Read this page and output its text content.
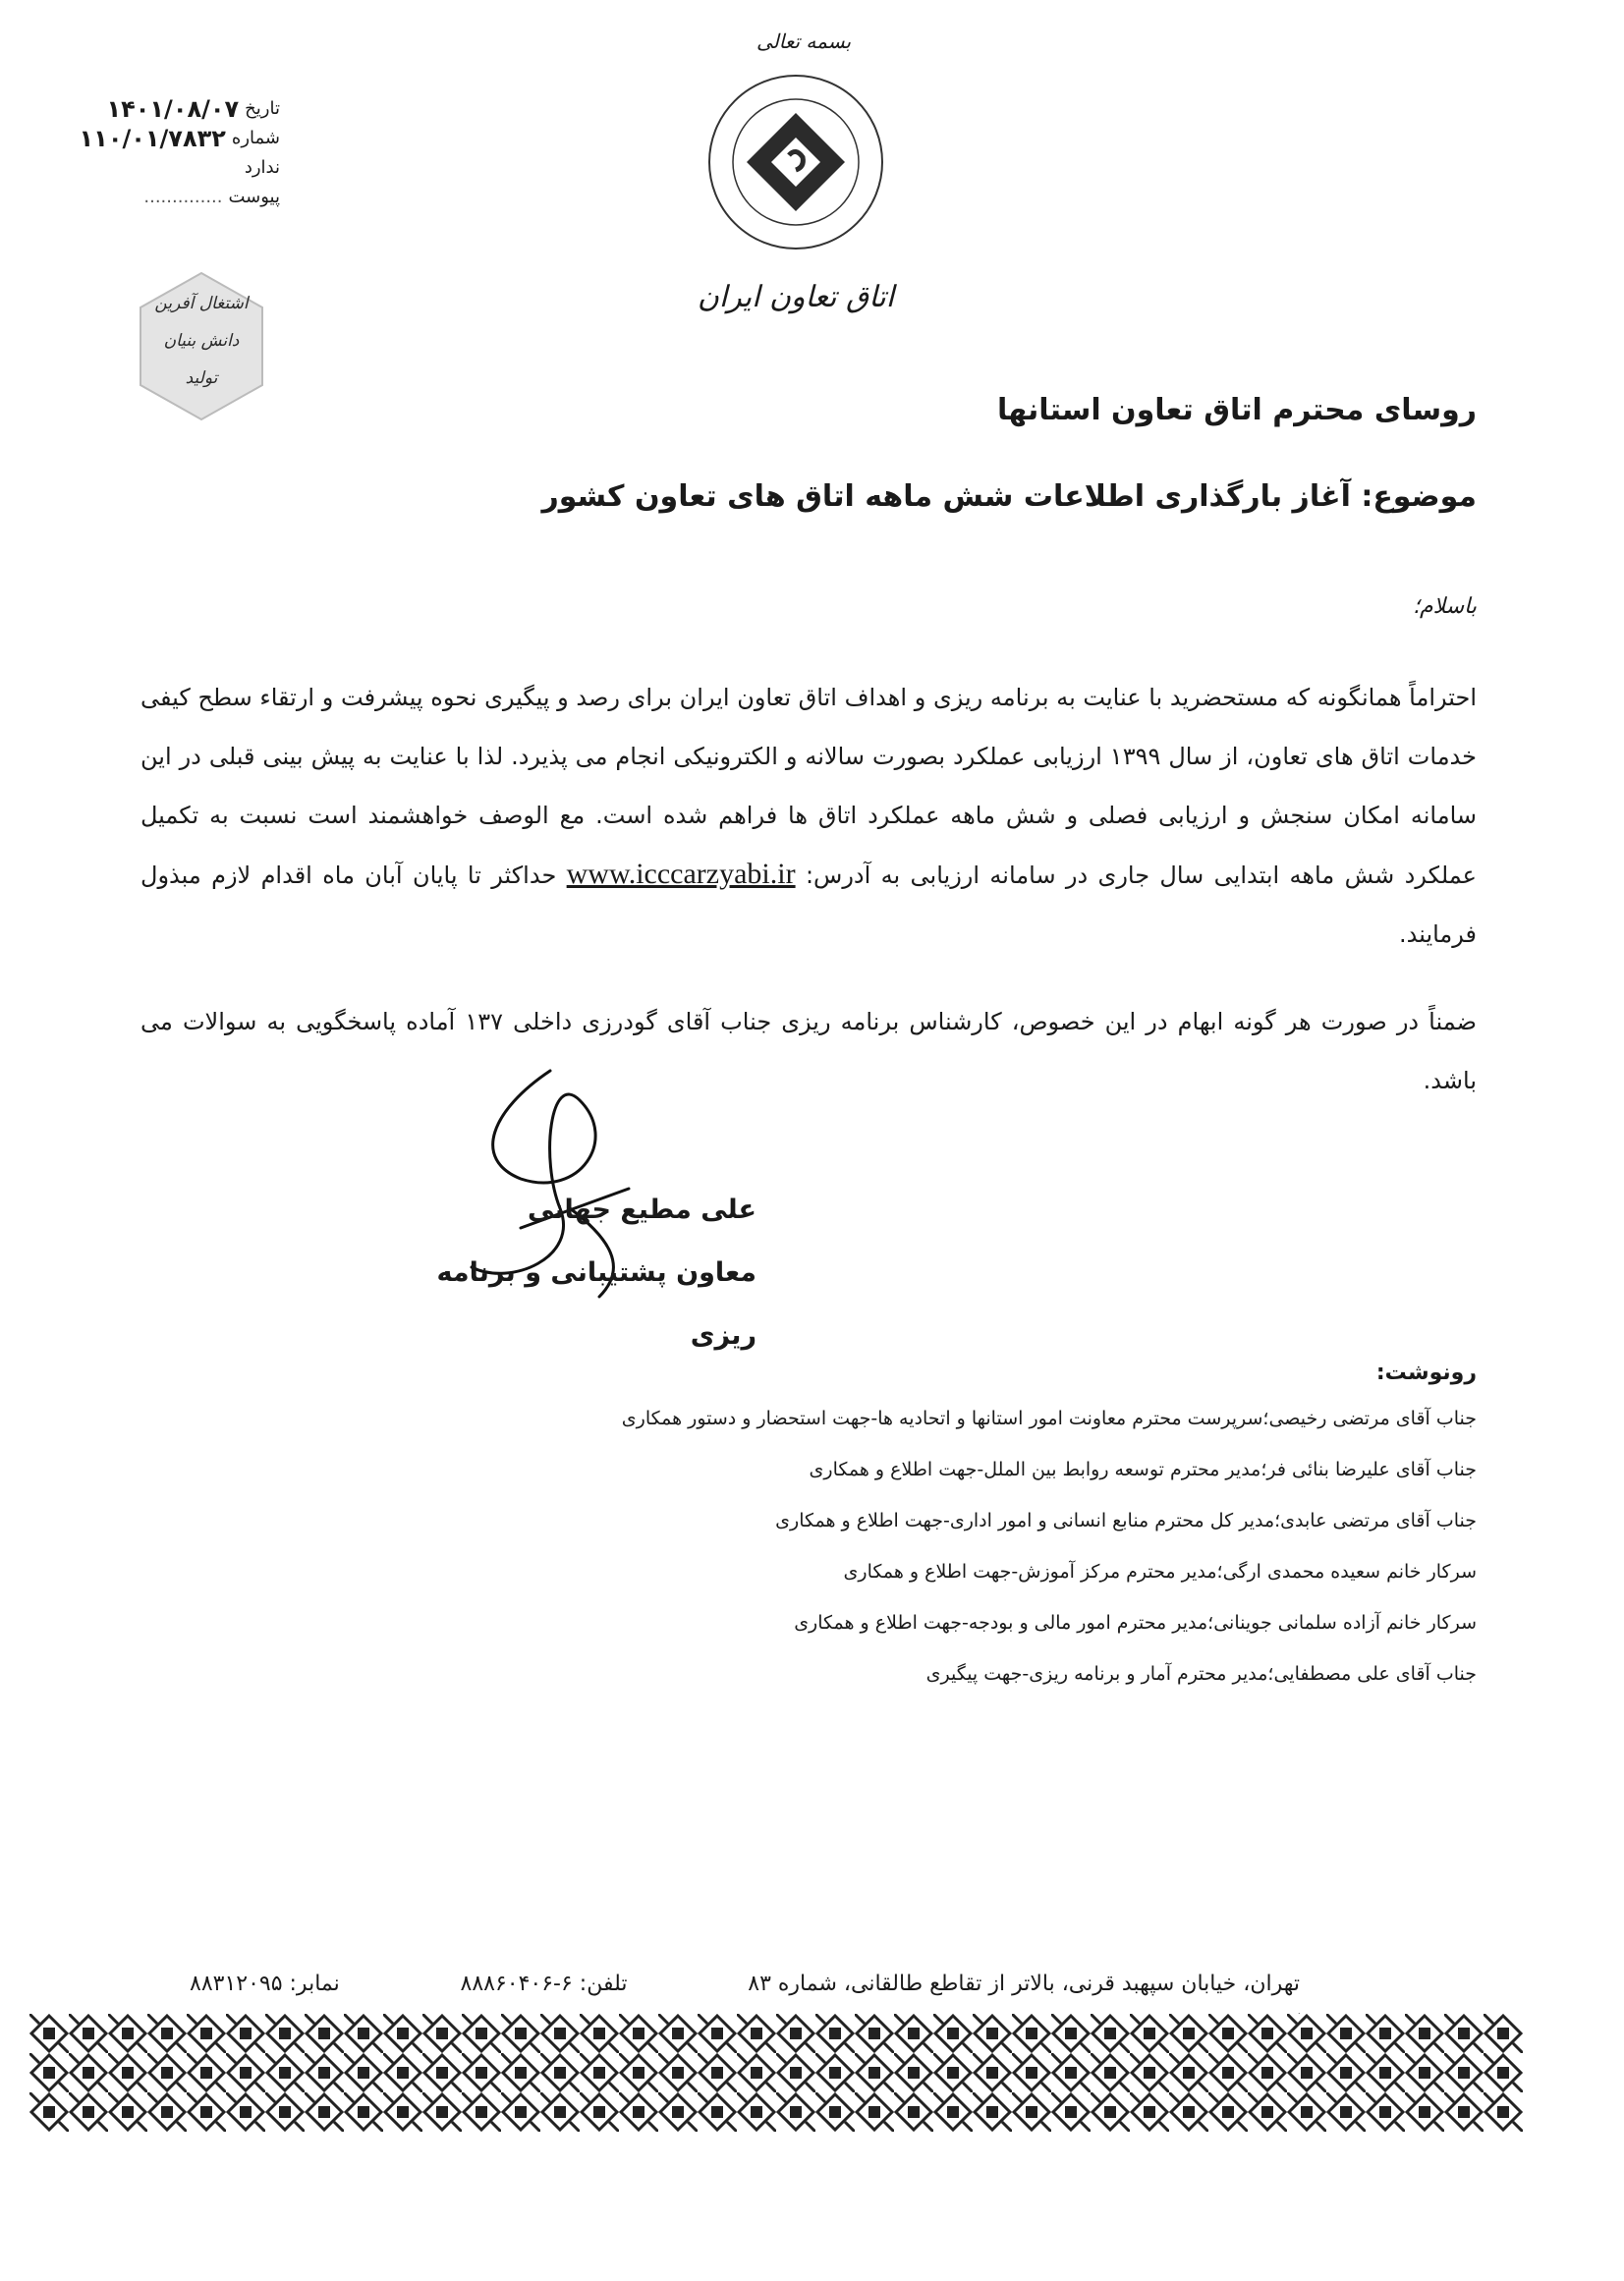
بسمه تعالی
اتاق تعاون ایران
تاریخ
۱۴۰۱/۰۸/۰۷
شماره
۱۱۰/۰۱/۷۸۳۲
ندارد
پیوست
..............
اشتغال آفرین
دانش بنیان
تولید
روسای محترم اتاق تعاون استانها
موضوع: آغاز بارگذاری اطلاعات شش ماهه اتاق های تعاون کشور
باسلام؛
احتراماً همانگونه که مستحضرید با عنایت به برنامه ریزی و اهداف اتاق تعاون ایران برای رصد و پیگیری نحوه پیشرفت و ارتقاء سطح کیفی خدمات اتاق های تعاون، از سال ۱۳۹۹ ارزیابی عملکرد بصورت سالانه و الکترونیکی انجام می پذیرد. لذا با عنایت به پیش بینی قبلی در این سامانه امکان سنجش و ارزیابی فصلی و شش ماهه عملکرد اتاق ها فراهم شده است. مع الوصف خواهشمند است نسبت به تکمیل عملکرد شش ماهه ابتدایی سال جاری در سامانه ارزیابی به آدرس: www.icccarzyabi.ir حداکثر تا پایان آبان ماه اقدام لازم مبذول فرمایند.
ضمناً در صورت هر گونه ابهام در این خصوص، کارشناس برنامه ریزی جناب آقای گودرزی داخلی ۱۳۷ آماده پاسخگویی به سوالات می باشد.
علی مطیع جهانی
معاون پشتیبانی و برنامه ریزی
رونوشت:
جناب آقای مرتضی رخیصی؛سرپرست محترم معاونت امور استانها و اتحادیه ها-جهت استحضار و دستور همکاری
جناب آقای علیرضا بنائی فر؛مدیر محترم توسعه روابط بین الملل-جهت اطلاع و همکاری
جناب آقای مرتضی عابدی؛مدیر کل محترم منابع انسانی و امور اداری-جهت اطلاع و همکاری
سرکار خانم سعیده محمدی ارگی؛مدیر محترم مرکز آموزش-جهت اطلاع و همکاری
سرکار خانم آزاده سلمانی جوینانی؛مدیر محترم امور مالی و بودجه-جهت اطلاع و همکاری
جناب آقای علی مصطفایی؛مدیر محترم آمار و برنامه ریزی-جهت پیگیری
تهران، خیابان سپهبد قرنی، بالاتر از تقاطع طالقانی، شماره ۸۳
تلفن: ۶-۸۸۸۶۰۴۰۶
نمابر: ۸۸۳۱۲۰۹۵
